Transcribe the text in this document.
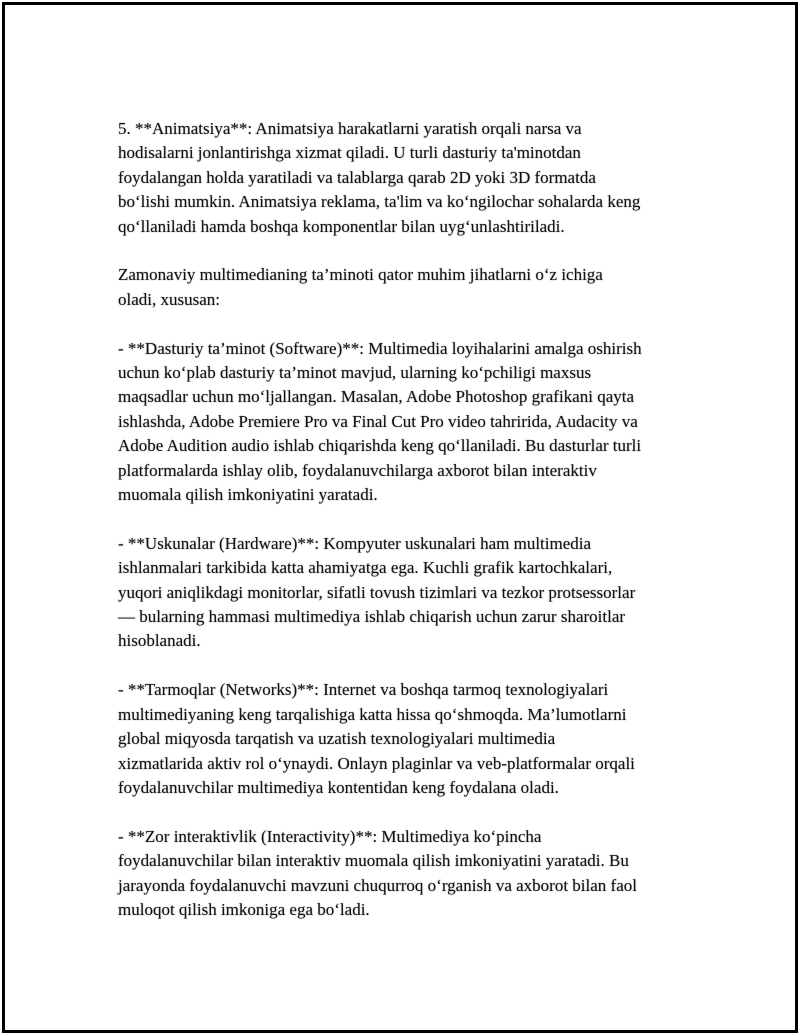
5. **Animatsiya**: Animatsiya harakatlarni yaratish orqali narsa va
hodisalarni jonlantirishga xizmat qiladi. U turli dasturiy ta'minotdan
foydalangan holda yaratiladi va talablarga qarab 2D yoki 3D formatda
bo‘lishi mumkin. Animatsiya reklama, ta'lim va ko‘ngilochar sohalarda keng
qo‘llaniladi hamda boshqa komponentlar bilan uyg‘unlashtiriladi.

Zamonaviy multimedianing ta’minoti qator muhim jihatlarni o‘z ichiga
oladi, xususan:

- **Dasturiy ta’minot (Software)**: Multimedia loyihalarini amalga oshirish
uchun ko‘plab dasturiy ta’minot mavjud, ularning ko‘pchiligi maxsus
maqsadlar uchun mo‘ljallangan. Masalan, Adobe Photoshop grafikani qayta
ishlashda, Adobe Premiere Pro va Final Cut Pro video tahririda, Audacity va
Adobe Audition audio ishlab chiqarishda keng qo‘llaniladi. Bu dasturlar turli
platformalarda ishlay olib, foydalanuvchilarga axborot bilan interaktiv
muomala qilish imkoniyatini yaratadi.

- **Uskunalar (Hardware)**: Kompyuter uskunalari ham multimedia
ishlanmalari tarkibida katta ahamiyatga ega. Kuchli grafik kartochkalari,
yuqori aniqlikdagi monitorlar, sifatli tovush tizimlari va tezkor protsessorlar
— bularning hammasi multimediya ishlab chiqarish uchun zarur sharoitlar
hisoblanadi.

- **Tarmoqlar (Networks)**: Internet va boshqa tarmoq texnologiyalari
multimediyaning keng tarqalishiga katta hissa qo‘shmoqda. Ma’lumotlarni
global miqyosda tarqatish va uzatish texnologiyalari multimedia
xizmatlarida aktiv rol o‘ynaydi. Onlayn plaginlar va veb-platformalar orqali
foydalanuvchilar multimediya kontentidan keng foydalana oladi.

- **Zor interaktivlik (Interactivity)**: Multimediya ko‘pincha
foydalanuvchilar bilan interaktiv muomala qilish imkoniyatini yaratadi. Bu
jarayonda foydalanuvchi mavzuni chuqurroq o‘rganish va axborot bilan faol
muloqot qilish imkoniga ega bo‘ladi.
